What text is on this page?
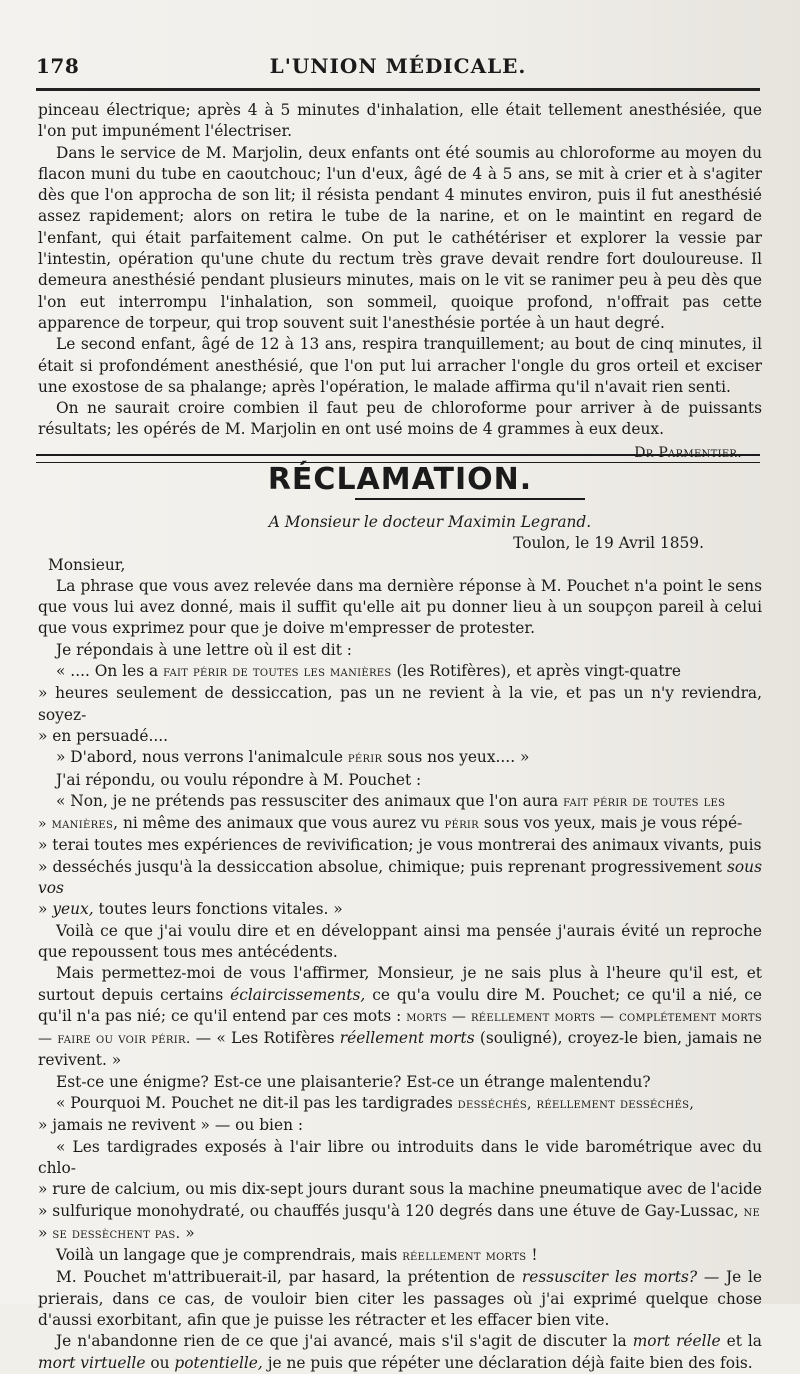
178	L'UNION MÉDICALE.

pinceau électrique; après 4 à 5 minutes d'inhalation, elle était tellement anesthésiée, que l'on put impunément l'électriser.

Dans le service de M. Marjolin, deux enfants ont été soumis au chloroforme au moyen du flacon muni du tube en caoutchouc; l'un d'eux, âgé de 4 à 5 ans, se mit à crier et à s'agiter dès que l'on approcha de son lit; il résista pendant 4 minutes environ, puis il fut anesthésié assez rapidement; alors on retira le tube de la narine, et on le maintint en regard de l'enfant, qui était parfaitement calme. On put le cathétériser et explorer la vessie par l'intestin, opération qu'une chute du rectum très grave devait rendre fort douloureuse. Il demeura anesthésié pendant plusieurs minutes, mais on le vit se ranimer peu à peu dès que l'on eut interrompu l'inhalation, son sommeil, quoique profond, n'offrait pas cette apparence de torpeur, qui trop souvent suit l'anesthésie portée à un haut degré.

Le second enfant, âgé de 12 à 13 ans, respira tranquillement; au bout de cinq minutes, il était si profondément anesthésié, que l'on put lui arracher l'ongle du gros orteil et exciser une exostose de sa phalange; après l'opération, le malade affirma qu'il n'avait rien senti.

On ne saurait croire combien il faut peu de chloroforme pour arriver à de puissants résultats; les opérés de M. Marjolin en ont usé moins de 4 grammes à eux deux.

Dr Parmentier.

RÉCLAMATION.

A Monsieur le docteur Maximin Legrand.

Toulon, le 19 Avril 1859.

Monsieur,

La phrase que vous avez relevée dans ma dernière réponse à M. Pouchet n'a point le sens que vous lui avez donné, mais il suffit qu'elle ait pu donner lieu à un soupçon pareil à celui que vous exprimez pour que je doive m'empresser de protester.

Je répondais à une lettre où il est dit :

« .... On les a fait périr de toutes les manières (les Rotifères), et après vingt-quatre

» heures seulement de dessiccation, pas un ne revient à la vie, et pas un n'y reviendra, soyez-

» en persuadé....

» D'abord, nous verrons l'animalcule périr sous nos yeux.... »

J'ai répondu, ou voulu répondre à M. Pouchet :

« Non, je ne prétends pas ressusciter des animaux que l'on aura fait périr de toutes les

» manières, ni même des animaux que vous aurez vu périr sous vos yeux, mais je vous répé-

» terai toutes mes expériences de revivification; je vous montrerai des animaux vivants, puis

» desséchés jusqu'à la dessiccation absolue, chimique; puis reprenant progressivement sous vos

» yeux, toutes leurs fonctions vitales. »

Voilà ce que j'ai voulu dire et en développant ainsi ma pensée j'aurais évité un reproche que repoussent tous mes antécédents.

Mais permettez-moi de vous l'affirmer, Monsieur, je ne sais plus à l'heure qu'il est, et surtout depuis certains éclaircissements, ce qu'a voulu dire M. Pouchet; ce qu'il a nié, ce qu'il n'a pas nié; ce qu'il entend par ces mots : morts — réellement morts — complétement morts — faire ou voir périr. — « Les Rotifères réellement morts (souligné), croyez-le bien, jamais ne revivent. »

Est-ce une énigme? Est-ce une plaisanterie? Est-ce un étrange malentendu?

« Pourquoi M. Pouchet ne dit-il pas les tardigrades desséchés, réellement desséchés,

» jamais ne revivent » — ou bien :

« Les tardigrades exposés à l'air libre ou introduits dans le vide barométrique avec du chlo-

» rure de calcium, ou mis dix-sept jours durant sous la machine pneumatique avec de l'acide

» sulfurique monohydraté, ou chauffés jusqu'à 120 degrés dans une étuve de Gay-Lussac, ne

» se dessèchent pas. »

Voilà un langage que je comprendrais, mais réellement morts !

M. Pouchet m'attribuerait-il, par hasard, la prétention de ressusciter les morts? — Je le prierais, dans ce cas, de vouloir bien citer les passages où j'ai exprimé quelque chose d'aussi exorbitant, afin que je puisse les rétracter et les effacer bien vite.

Je n'abandonne rien de ce que j'ai avancé, mais s'il s'agit de discuter la mort réelle et la mort virtuelle ou potentielle, je ne puis que répéter une déclaration déjà faite bien des fois.
